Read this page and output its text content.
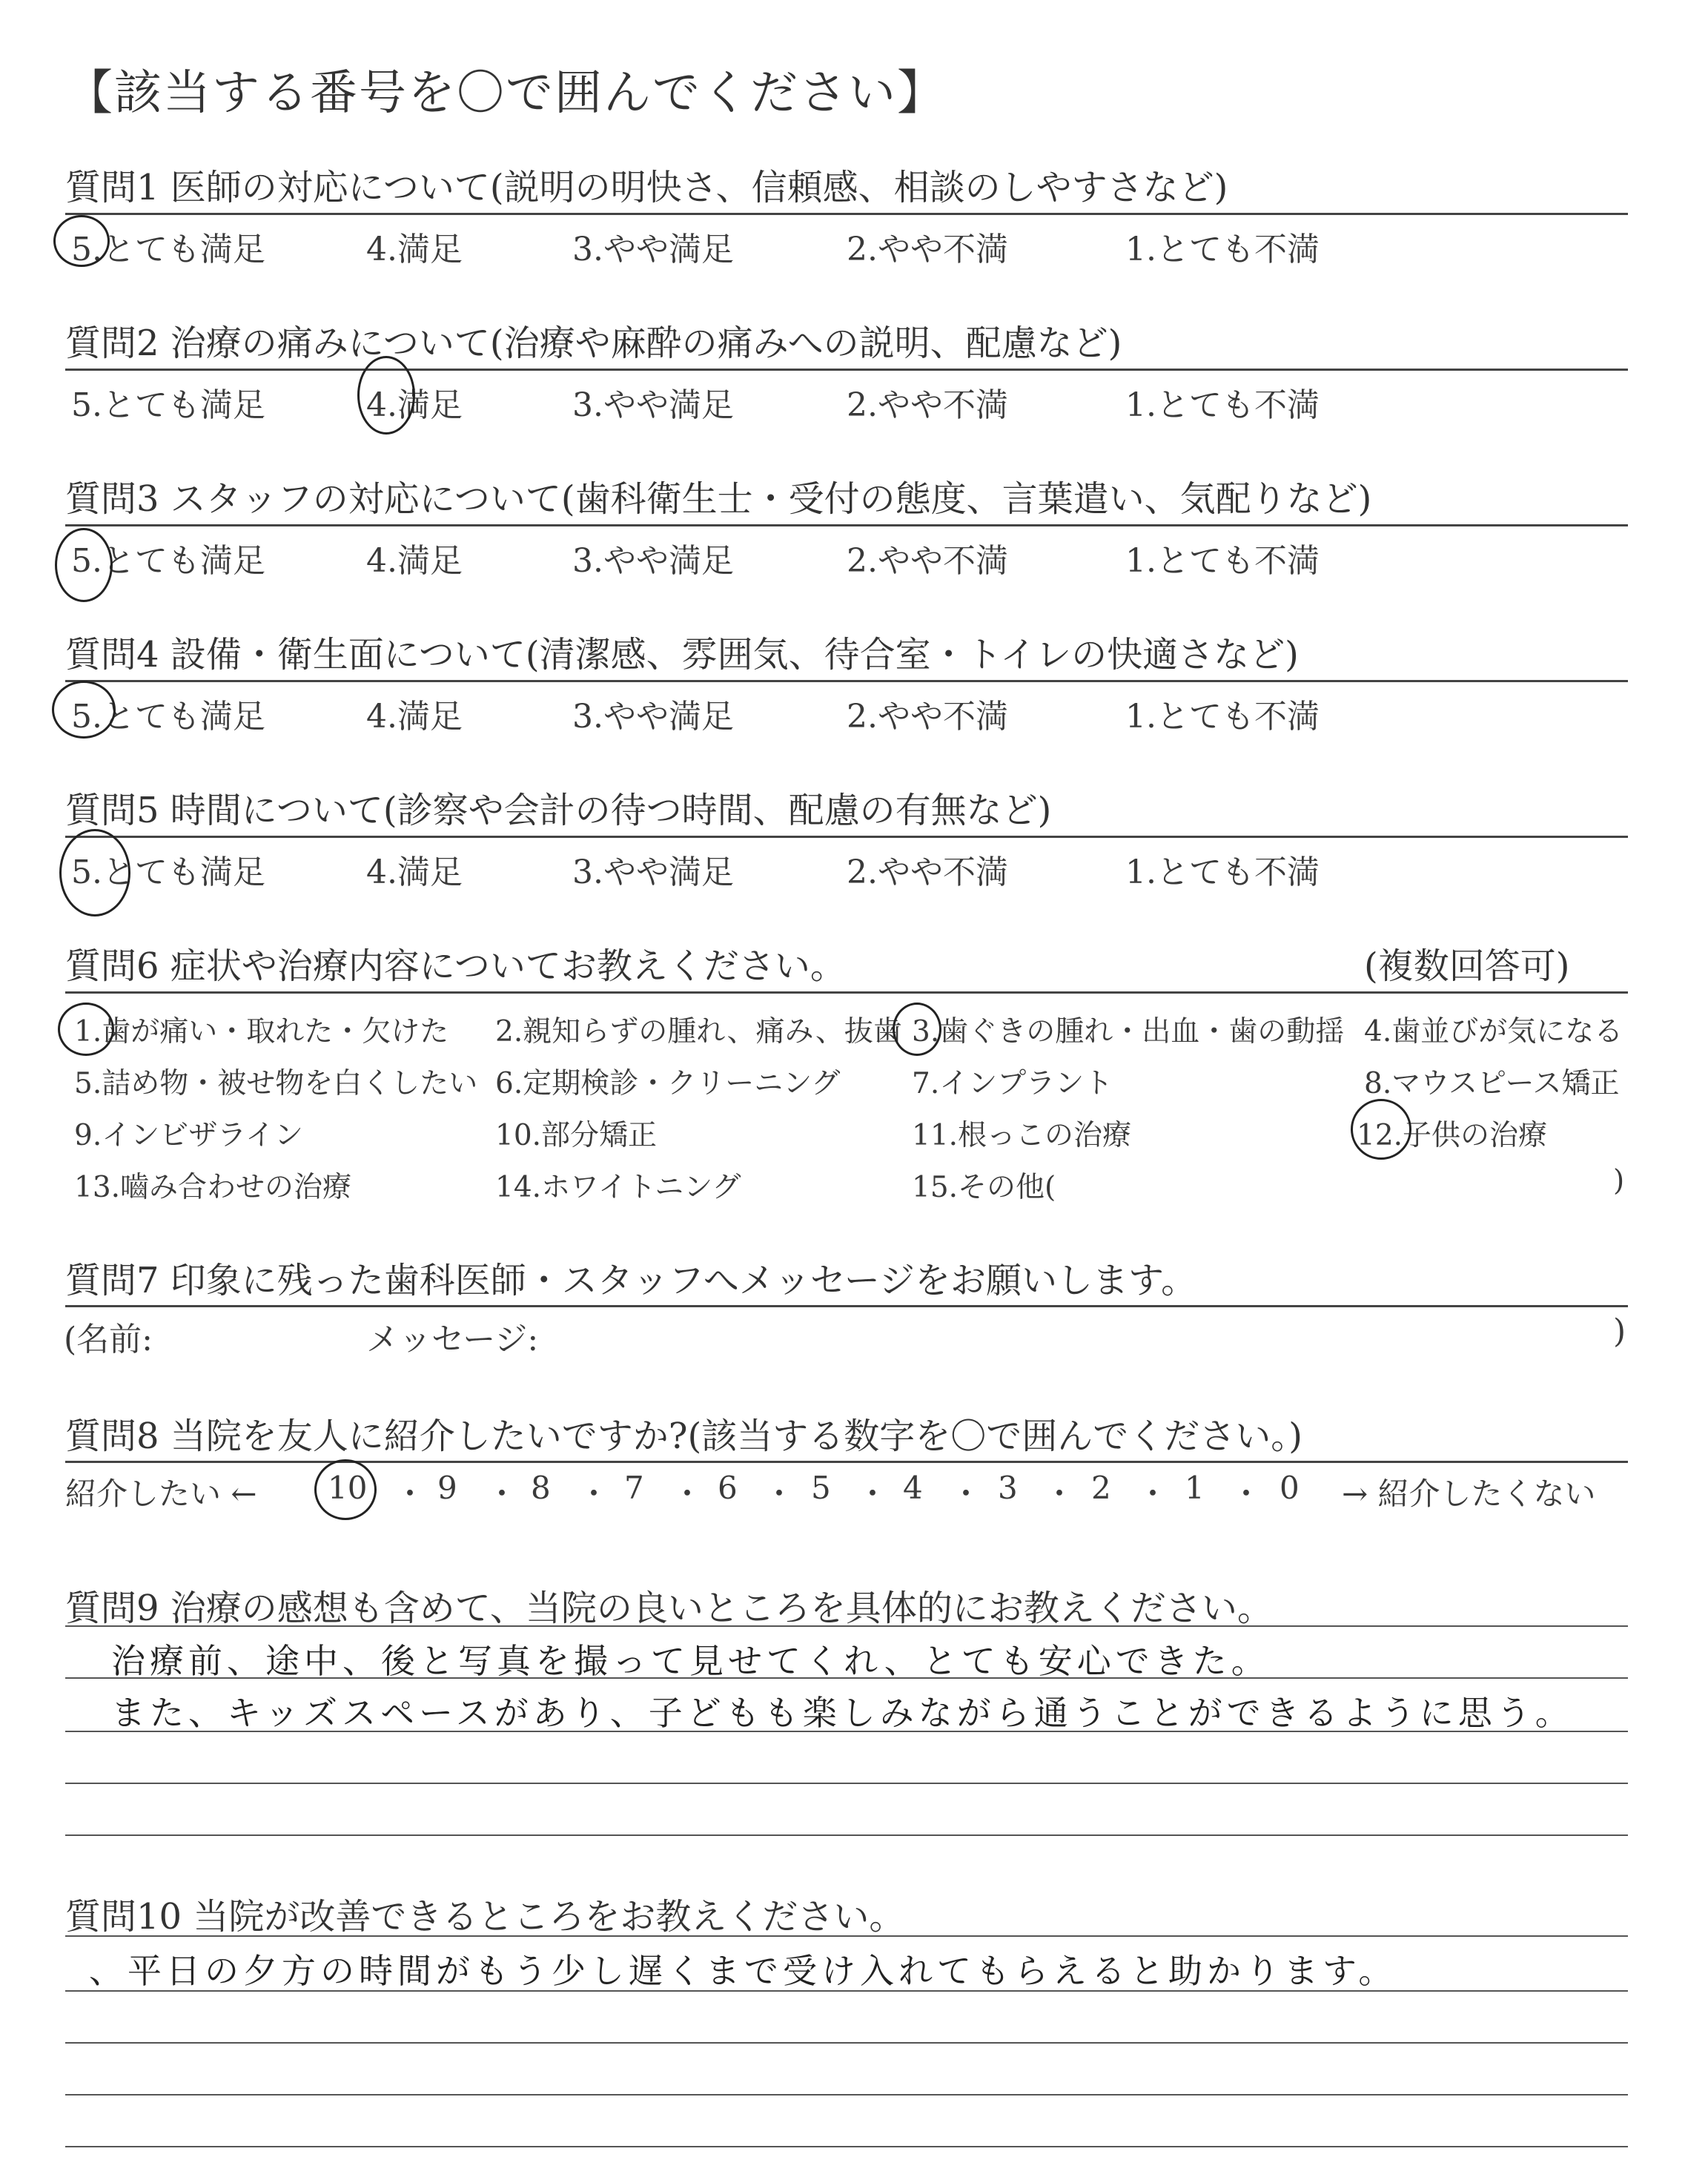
【該当する番号を〇で囲んでください】
質問1 医師の対応について(説明の明快さ、信頼感、相談のしやすさなど)
5.とても満足	4.満足	3.やや満足	2.やや不満	1.とても不満
質問2 治療の痛みについて(治療や麻酔の痛みへの説明、配慮など)
5.とても満足	4.満足	3.やや満足	2.やや不満	1.とても不満
質問3 スタッフの対応について(歯科衛生士・受付の態度、言葉遣い、気配りなど)
5.とても満足	4.満足	3.やや満足	2.やや不満	1.とても不満
質問4 設備・衛生面について(清潔感、雰囲気、待合室・トイレの快適さなど)
5.とても満足	4.満足	3.やや満足	2.やや不満	1.とても不満
質問5 時間について(診察や会計の待つ時間、配慮の有無など)
5.とても満足	4.満足	3.やや満足	2.やや不満	1.とても不満
質問6 症状や治療内容についてお教えください。	(複数回答可)
1.歯が痛い・取れた・欠けた 2.親知らずの腫れ、痛み、抜歯 3.歯ぐきの腫れ・出血・歯の動揺 4.歯並びが気になる
5.詰め物・被せ物を白くしたい 6.定期検診・クリーニング 7.インプラント	8.マウスピース矯正
9.インビザライン	10.部分矯正	11.根っこの治療	12.子供の治療
13.嚙み合わせの治療	14.ホワイトニング	15.その他(	)
質問7 印象に残った歯科医師・スタッフへメッセージをお願いします。
(名前:	メッセージ:	)
質問8 当院を友人に紹介したいですか?(該当する数字を〇で囲んでください。)
紹介したい ← 10 ・ 9 ・ 8 ・ 7 ・ 6 ・ 5 ・ 4 ・ 3 ・ 2 ・ 1 ・ 0 → 紹介したくない
質問9 治療の感想も含めて、当院の良いところを具体的にお教えください。
治療前、途中、後と写真を撮って見せてくれ、とても安心できた。
また、キッズスペースがあり、子どもも楽しみながら通うことができるように思う。
質問10 当院が改善できるところをお教えください。
、平日の夕方の時間がもう少し遅くまで受け入れてもらえると助かります。
